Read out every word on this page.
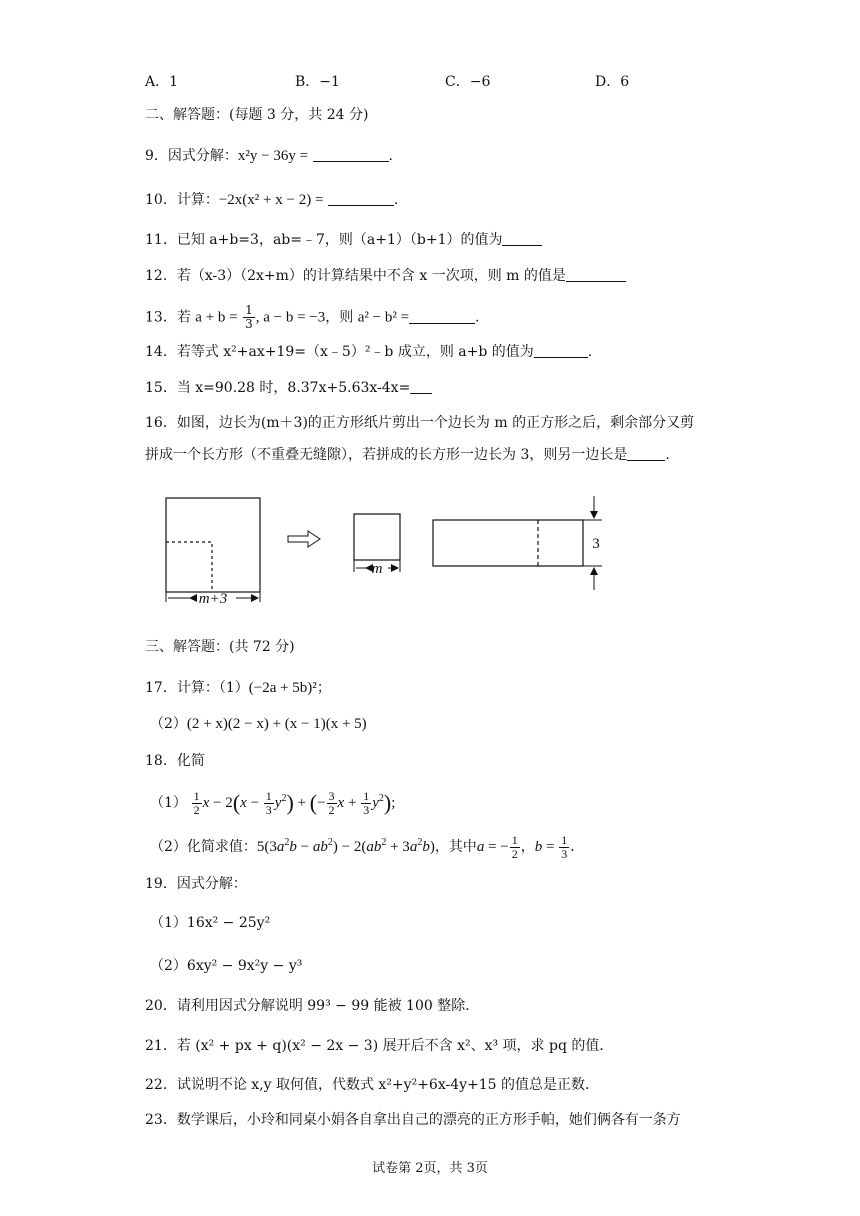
A．1	B．−1	C．−6	D．6
二、解答题：(每题 3 分，共 24 分)
9．因式分解：x²y − 36y =	.
10．计算：−2x(x² + x − 2) =	.
11．已知 a+b=3，ab=﹣7，则（a+1）（b+1）的值为
12．若（x-3）（2x+m）的计算结果中不含 x 一次项，则 m 的值是
13．若 $a + b = \frac{1}{3}$ , a − b = −3，则 a² − b² =	.
14．若等式 x²+ax+19=（x﹣5）²﹣b 成立，则 a+b 的值为	.
15．当 x=90.28 时，8.37x+5.63x-4x=
16．如图，边长为(m＋3)的正方形纸片剪出一个边长为 m 的正方形之后，剩余部分又剪
拼成一个长方形（不重叠无缝隙），若拼成的长方形一边长为 3，则另一边长是	.
m+3
m
3
三、解答题：(共 72 分)
17．计算：（1）(−2a + 5b)²；
（2）(2 + x)(2 − x) + (x − 1)(x + 5)
18．化简
$(1) \frac{1}{2}$ $x - 2(x - \frac{1}{3} y^2)$ + (− $\frac{3}{2}$ $x + \frac{1}{3} y^2$);
（2）化简求值：$5(3a^2b - ab^2) - 2(ab^2 + 3a^2b)$，其中a = − $\frac{1}{2}$ ，$b = \frac{1}{3}$ ．
19．因式分解：
（1）16x² − 25y²
（2）6xy² − 9x²y − y³
20．请利用因式分解说明 99³ − 99 能被 100 整除．
21．若 (x² + px + q)(x² − 2x − 3) 展开后不含 x²、x³ 项，求 pq 的值．
22．试说明不论 x,y 取何值，代数式 x²+y²+6x-4y+15 的值总是正数．
23．数学课后，小玲和同桌小娟各自拿出自己的漂亮的正方形手帕，她们俩各有一条方
试卷第 2页，共 3页
